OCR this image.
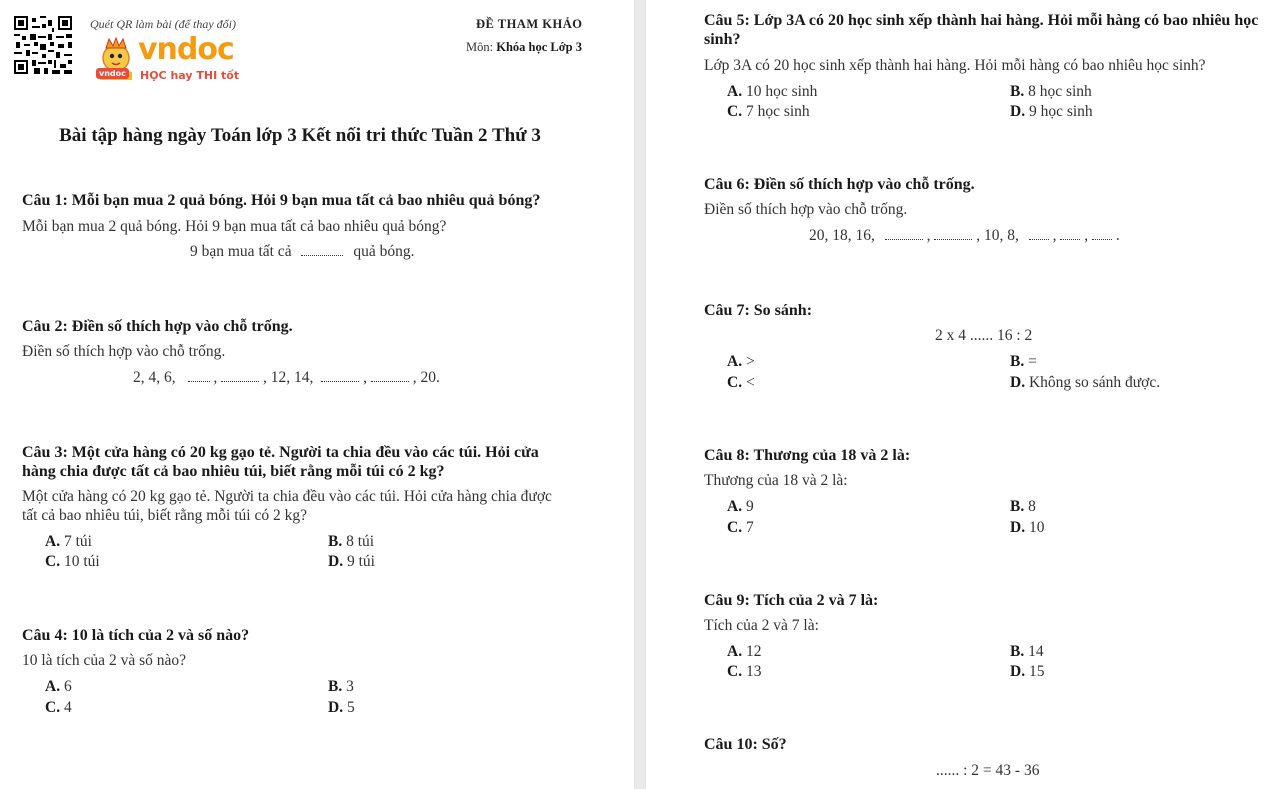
Quét QR làm bài (để thay đổi)
vndoc
vndoc HỌC hay THI tốt
ĐỀ THAM KHẢO
Môn: Khóa học Lớp 3
Bài tập hàng ngày Toán lớp 3 Kết nối tri thức Tuần 2 Thứ 3
Câu 1: Mỗi bạn mua 2 quả bóng. Hỏi 9 bạn mua tất cả bao nhiêu quả bóng?
Mỗi bạn mua 2 quả bóng. Hỏi 9 bạn mua tất cả bao nhiêu quả bóng?
9 bạn mua tất cả	quả bóng.
Câu 2: Điền số thích hợp vào chỗ trống.
Điền số thích hợp vào chỗ trống.
2, 4, 6, ,	, 12, 14,	,	, 20.
Câu 3: Một cửa hàng có 20 kg gạo tẻ. Người ta chia đều vào các túi. Hỏi cửa
hàng chia được tất cả bao nhiêu túi, biết rằng mỗi túi có 2 kg?
Một cửa hàng có 20 kg gạo tẻ. Người ta chia đều vào các túi. Hỏi cửa hàng chia được
tất cả bao nhiêu túi, biết rằng mỗi túi có 2 kg?
A. 7 túi	B. 8 túi
C. 10 túi	D. 9 túi
Câu 4: 10 là tích của 2 và số nào?
10 là tích của 2 và số nào?
A. 6	B. 3
C. 4	D. 5
Câu 5: Lớp 3A có 20 học sinh xếp thành hai hàng. Hỏi mỗi hàng có bao nhiêu học
sinh?
Lớp 3A có 20 học sinh xếp thành hai hàng. Hỏi mỗi hàng có bao nhiêu học sinh?
A. 10 học sinh	B. 8 học sinh
C. 7 học sinh	D. 9 học sinh
Câu 6: Điền số thích hợp vào chỗ trống.
Điền số thích hợp vào chỗ trống.
20, 18, 16,	,	, 10, 8, , , .
Câu 7: So sánh:
2 x 4 ...... 16 : 2
A. >	B. =
C. <	D. Không so sánh được.
Câu 8: Thương của 18 và 2 là:
Thương của 18 và 2 là:
A. 9	B. 8
C. 7	D. 10
Câu 9: Tích của 2 và 7 là:
Tích của 2 và 7 là:
A. 12	B. 14
C. 13	D. 15
Câu 10: Số?
...... : 2 = 43 - 36
